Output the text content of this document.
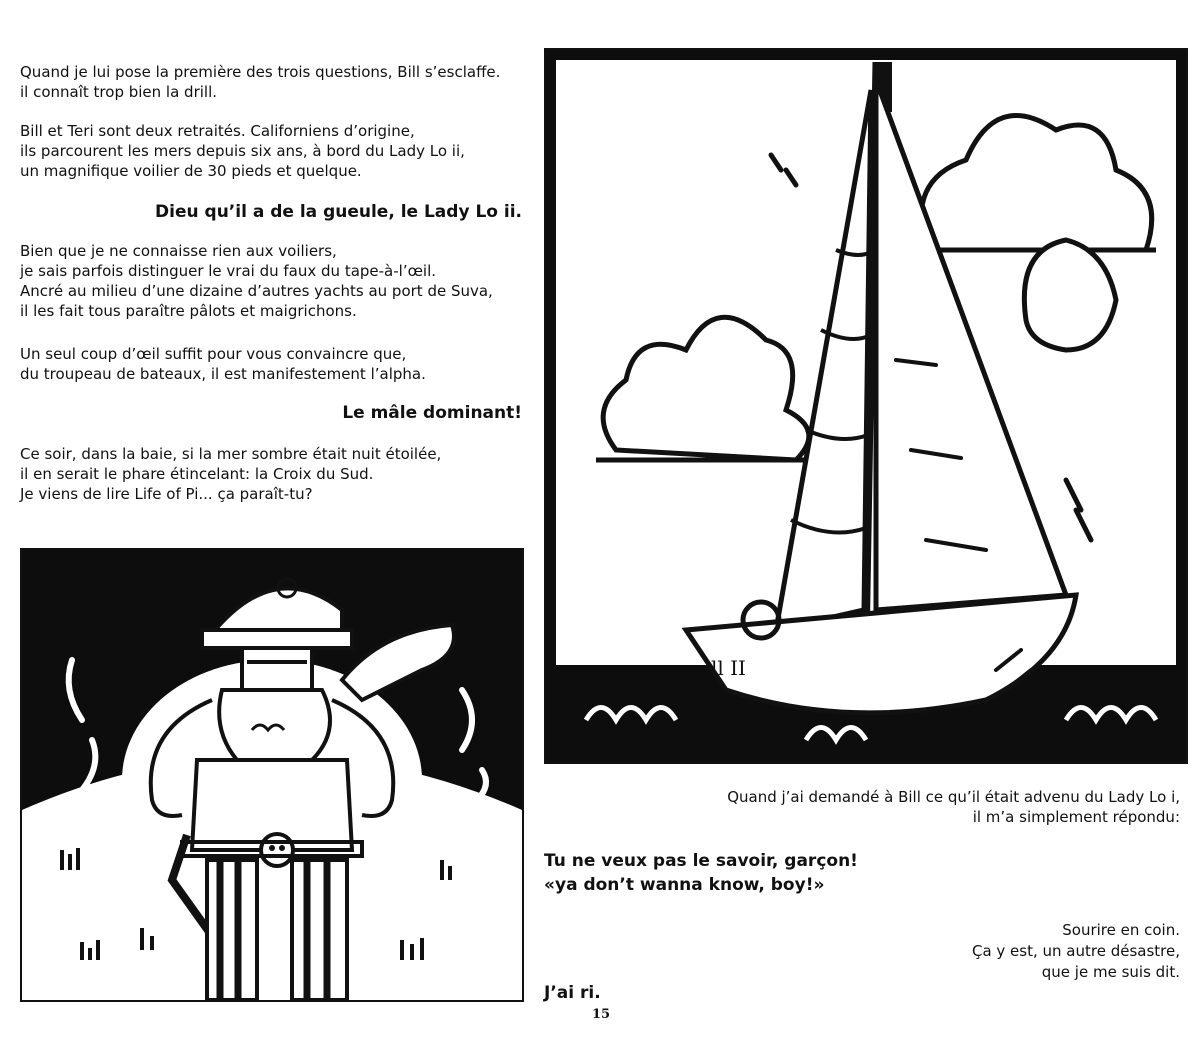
Quand je lui pose la première des trois questions, Bill s’esclaffe.
il connaît trop bien la drill.
Bill et Teri sont deux retraités. Californiens d’origine,
ils parcourent les mers depuis six ans, à bord du Lady Lo ii,
un magnifique voilier de 30 pieds et quelque.
Dieu qu’il a de la gueule, le Lady Lo ii.
Bien que je ne connaisse rien aux voiliers,
je sais parfois distinguer le vrai du faux du tape-à-l’œil.
Ancré au milieu d’une dizaine d’autres yachts au port de Suva,
il les fait tous paraître pâlots et maigrichons.
Un seul coup d’œil suffit pour vous convaincre que,
du troupeau de bateaux, il est manifestement l’alpha.
Le mâle dominant!
Ce soir, dans la baie, si la mer sombre était nuit étoilée,
il en serait le phare étincelant: la Croix du Sud.
Je viens de lire Life of Pi... ça paraît-tu?
ll II
Quand j’ai demandé à Bill ce qu’il était advenu du Lady Lo i,
il m’a simplement répondu:
Tu ne veux pas le savoir, garçon!
«ya don’t wanna know, boy!»
Sourire en coin.
Ça y est, un autre désastre,
que je me suis dit.
J’ai ri.
15
